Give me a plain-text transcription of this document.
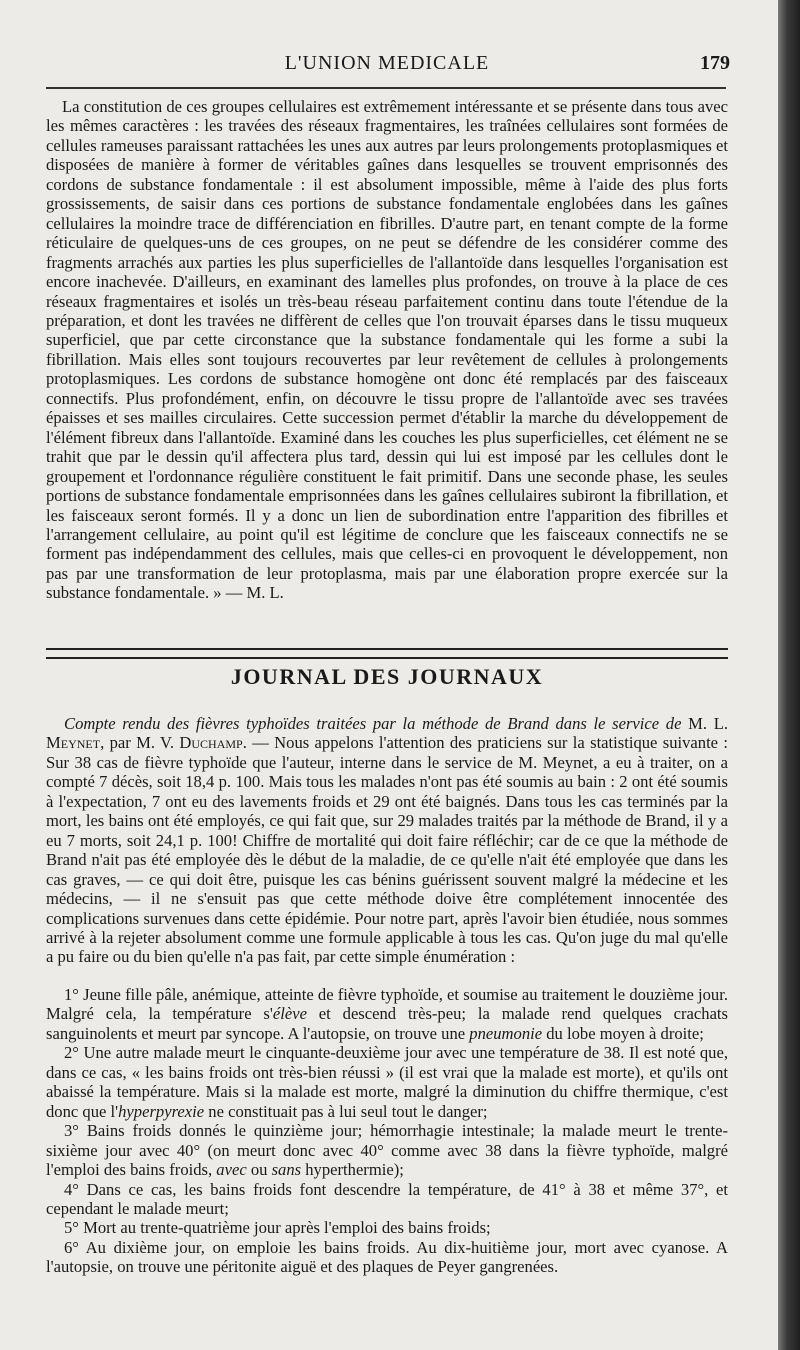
L'UNION MEDICALE	179

La constitution de ces groupes cellulaires est extrêmement intéressante et se présente dans tous avec les mêmes caractères : les travées des réseaux fragmentaires, les traînées cellulaires sont formées de cellules rameuses paraissant rattachées les unes aux autres par leurs prolongements protoplasmiques et disposées de manière à former de véritables gaînes dans lesquelles se trouvent emprisonnés des cordons de substance fondamentale : il est absolument impossible, même à l'aide des plus forts grossissements, de saisir dans ces portions de substance fondamentale englobées dans les gaînes cellulaires la moindre trace de différenciation en fibrilles. D'autre part, en tenant compte de la forme réticulaire de quelques-uns de ces groupes, on ne peut se défendre de les considérer comme des fragments arrachés aux parties les plus superficielles de l'allantoïde dans lesquelles l'organisation est encore inachevée. D'ailleurs, en examinant des lamelles plus profondes, on trouve à la place de ces réseaux fragmentaires et isolés un très-beau réseau parfaitement continu dans toute l'étendue de la préparation, et dont les travées ne diffèrent de celles que l'on trouvait éparses dans le tissu muqueux superficiel, que par cette circonstance que la substance fondamentale qui les forme a subi la fibrillation. Mais elles sont toujours recouvertes par leur revêtement de cellules à prolongements protoplasmiques. Les cordons de substance homogène ont donc été remplacés par des faisceaux connectifs. Plus profondément, enfin, on découvre le tissu propre de l'allantoïde avec ses travées épaisses et ses mailles circulaires. Cette succession permet d'établir la marche du développement de l'élément fibreux dans l'allantoïde. Examiné dans les couches les plus superficielles, cet élément ne se trahit que par le dessin qu'il affectera plus tard, dessin qui lui est imposé par les cellules dont le groupement et l'ordonnance régulière constituent le fait primitif. Dans une seconde phase, les seules portions de substance fondamentale emprisonnées dans les gaînes cellulaires subiront la fibrillation, et les faisceaux seront formés. Il y a donc un lien de subordination entre l'apparition des fibrilles et l'arrangement cellulaire, au point qu'il est légitime de conclure que les faisceaux connectifs ne se forment pas indépendamment des cellules, mais que celles-ci en provoquent le développement, non pas par une transformation de leur protoplasma, mais par une élaboration propre exercée sur la substance fondamentale. » — M. L.

JOURNAL DES JOURNAUX

Compte rendu des fièvres typhoïdes traitées par la méthode de Brand dans le service de M. L. Meynet, par M. V. Duchamp. — Nous appelons l'attention des praticiens sur la statistique suivante : Sur 38 cas de fièvre typhoïde que l'auteur, interne dans le service de M. Meynet, a eu à traiter, on a compté 7 décès, soit 18,4 p. 100. Mais tous les malades n'ont pas été soumis au bain : 2 ont été soumis à l'expectation, 7 ont eu des lavements froids et 29 ont été baignés. Dans tous les cas terminés par la mort, les bains ont été employés, ce qui fait que, sur 29 malades traités par la méthode de Brand, il y a eu 7 morts, soit 24,1 p. 100! Chiffre de mortalité qui doit faire réfléchir; car de ce que la méthode de Brand n'ait pas été employée dès le début de la maladie, de ce qu'elle n'ait été employée que dans les cas graves, — ce qui doit être, puisque les cas bénins guérissent souvent malgré la médecine et les médecins, — il ne s'ensuit pas que cette méthode doive être complétement innocentée des complications survenues dans cette épidémie. Pour notre part, après l'avoir bien étudiée, nous sommes arrivé à la rejeter absolument comme une formule applicable à tous les cas. Qu'on juge du mal qu'elle a pu faire ou du bien qu'elle n'a pas fait, par cette simple énumération :

1° Jeune fille pâle, anémique, atteinte de fièvre typhoïde, et soumise au traitement le douzième jour. Malgré cela, la température s'élève et descend très-peu; la malade rend quelques crachats sanguinolents et meurt par syncope. A l'autopsie, on trouve une pneumonie du lobe moyen à droite;

2° Une autre malade meurt le cinquante-deuxième jour avec une température de 38. Il est noté que, dans ce cas, « les bains froids ont très-bien réussi » (il est vrai que la malade est morte), et qu'ils ont abaissé la température. Mais si la malade est morte, malgré la diminution du chiffre thermique, c'est donc que l'hyperpyrexie ne constituait pas à lui seul tout le danger;

3° Bains froids donnés le quinzième jour; hémorrhagie intestinale; la malade meurt le trente-sixième jour avec 40° (on meurt donc avec 40° comme avec 38 dans la fièvre typhoïde, malgré l'emploi des bains froids, avec ou sans hyperthermie);

4° Dans ce cas, les bains froids font descendre la température, de 41° à 38 et même 37°, et cependant le malade meurt;

5° Mort au trente-quatrième jour après l'emploi des bains froids;

6° Au dixième jour, on emploie les bains froids. Au dix-huitième jour, mort avec cyanose. A l'autopsie, on trouve une péritonite aiguë et des plaques de Peyer gangrenées.
